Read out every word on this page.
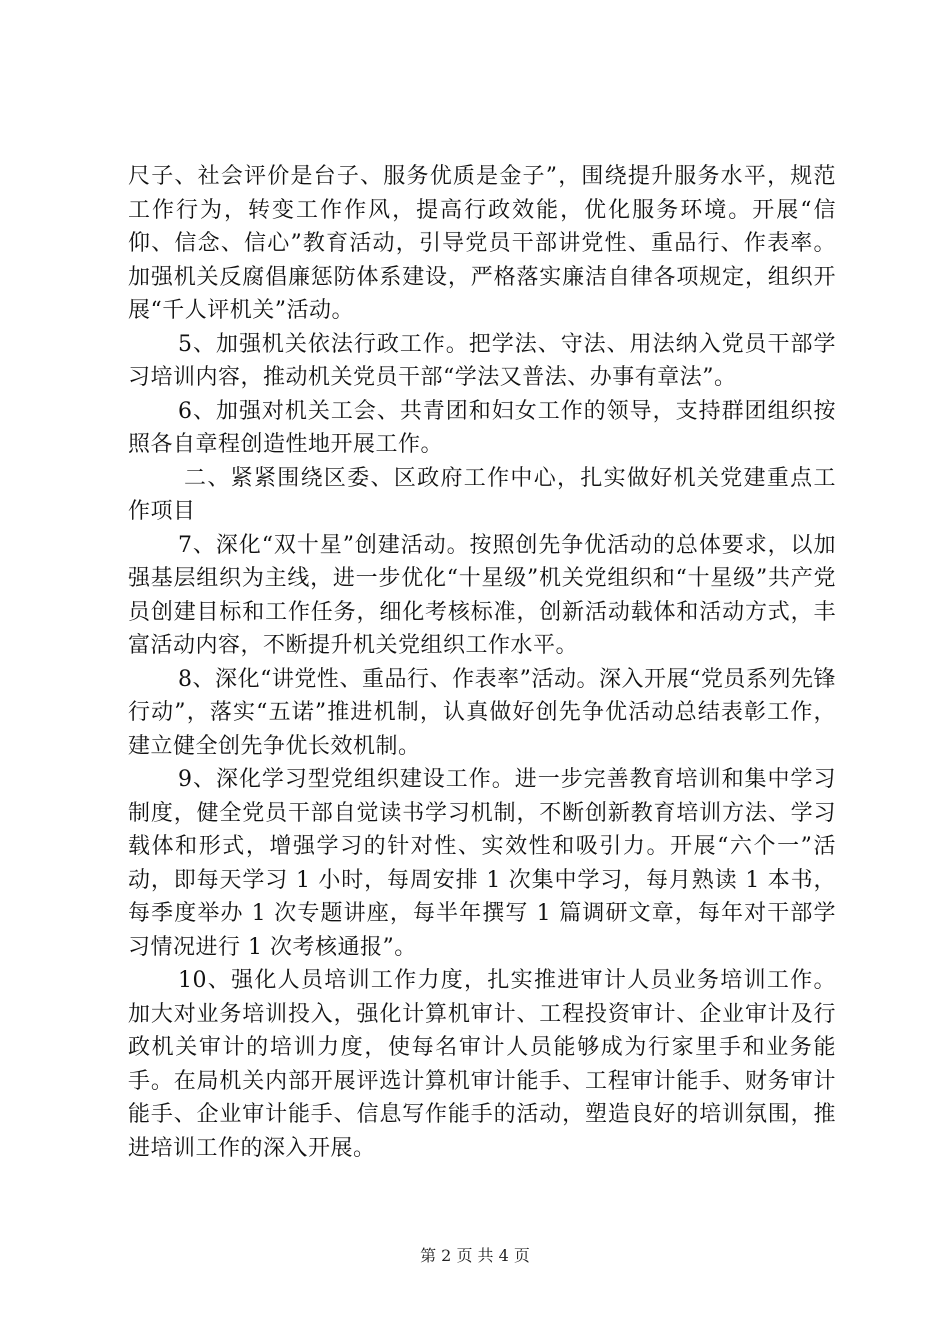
尺子、社会评价是台子、服务优质是金子”，围绕提升服务水平，规范工作行为，转变工作作风，提高行政效能，优化服务环境。开展“信仰、信念、信心”教育活动，引导党员干部讲党性、重品行、作表率。加强机关反腐倡廉惩防体系建设，严格落实廉洁自律各项规定，组织开展“千人评机关”活动。

5、加强机关依法行政工作。把学法、守法、用法纳入党员干部学习培训内容，推动机关党员干部“学法又普法、办事有章法”。

6、加强对机关工会、共青团和妇女工作的领导，支持群团组织按照各自章程创造性地开展工作。

二、紧紧围绕区委、区政府工作中心，扎实做好机关党建重点工作项目

7、深化“双十星”创建活动。按照创先争优活动的总体要求，以加强基层组织为主线，进一步优化“十星级”机关党组织和“十星级”共产党员创建目标和工作任务，细化考核标准，创新活动载体和活动方式，丰富活动内容，不断提升机关党组织工作水平。

8、深化“讲党性、重品行、作表率”活动。深入开展“党员系列先锋行动”，落实“五诺”推进机制，认真做好创先争优活动总结表彰工作，建立健全创先争优长效机制。

9、深化学习型党组织建设工作。进一步完善教育培训和集中学习制度，健全党员干部自觉读书学习机制，不断创新教育培训方法、学习载体和形式，增强学习的针对性、实效性和吸引力。开展“六个一”活动，即每天学习 1 小时，每周安排 1 次集中学习，每月熟读 1 本书，每季度举办 1 次专题讲座，每半年撰写 1 篇调研文章，每年对干部学习情况进行 1 次考核通报”。

10、强化人员培训工作力度，扎实推进审计人员业务培训工作。加大对业务培训投入，强化计算机审计、工程投资审计、企业审计及行政机关审计的培训力度，使每名审计人员能够成为行家里手和业务能手。在局机关内部开展评选计算机审计能手、工程审计能手、财务审计能手、企业审计能手、信息写作能手的活动，塑造良好的培训氛围，推进培训工作的深入开展。

第 2 页 共 4 页
